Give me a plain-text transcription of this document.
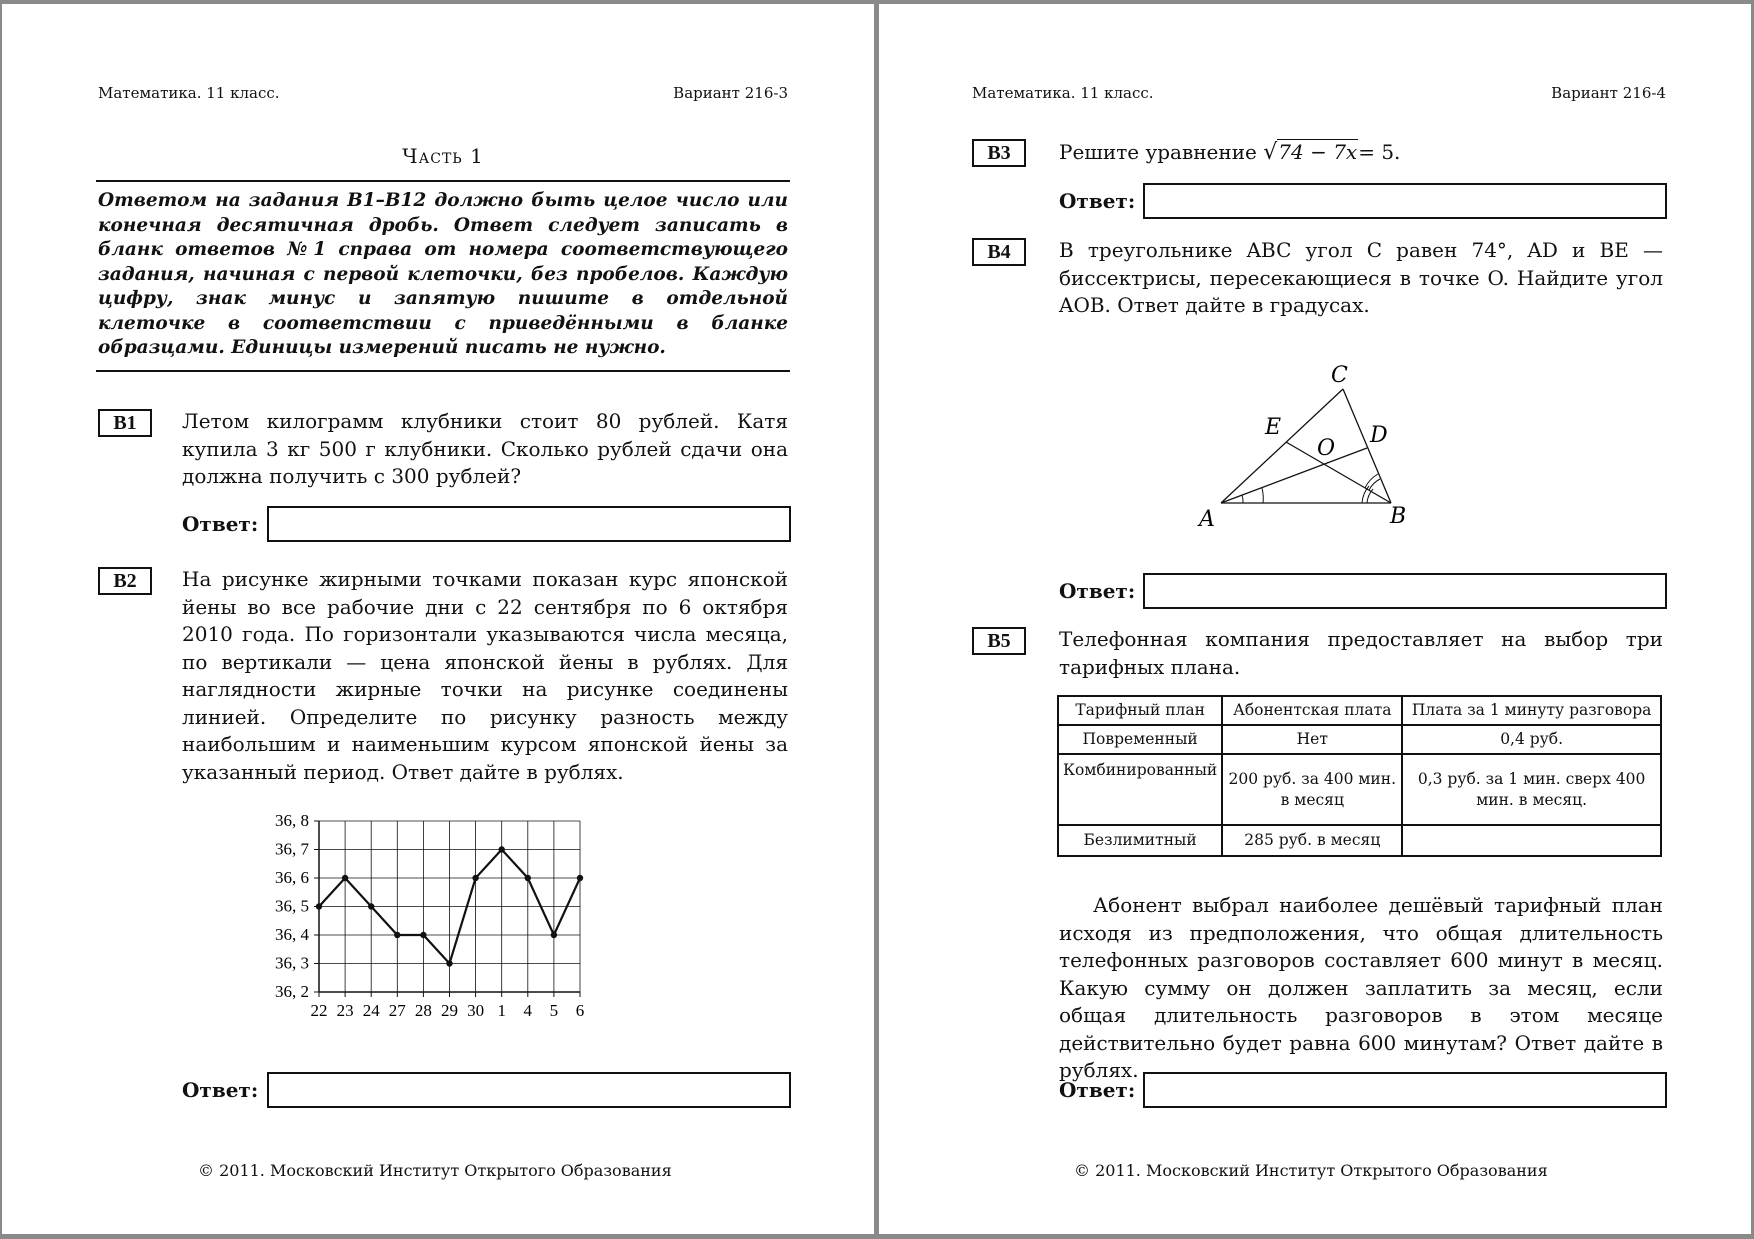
Математика. 11 класс.	Вариант 216-3
Часть 1
Ответом на задания B1–B12 должно быть целое число или конечная десятичная дробь. Ответ следует записать в бланк ответов №1 справа от номера соответствующего задания, начиная с первой клеточки, без пробелов. Каждую цифру, знак минус и запятую пишите в отдельной клеточке в соответствии с приведёнными в бланке образцами. Единицы измерений писать не нужно.
B1	Летом килограмм клубники стоит 80 рублей. Катя купила 3 кг 500 г клубники. Сколько рублей сдачи она должна получить с 300 рублей?
Ответ:
B2	На рисунке жирными точками показан курс японской йены во все рабочие дни с 22 сентября по 6 октября 2010 года. По горизонтали указываются числа месяца, по вертикали — цена японской йены в рублях. Для наглядности жирные точки на рисунке соединены линией. Определите по рисунку разность между наибольшим и наименьшим курсом японской йены за указанный период. Ответ дайте в рублях.
36, 8
36, 7
36, 6
36, 5
36, 4
36, 3
36, 2
22 23 24 27 28 29 30 1 4 5 6
Ответ:
© 2011. Московский Институт Открытого Образования
Математика. 11 класс.	Вариант 216-4
B3	Решите уравнение √74 − 7x= 5.
Ответ:
B4	В треугольнике ABC угол C равен 74°, AD и BE — биссектрисы, пересекающиеся в точке O. Найдите угол AOB. Ответ дайте в градусах.
A	B
C
D
E
O
Ответ:
B5	Телефонная компания предоставляет на выбор три тарифных плана.
Тарифный план	Абонентская плата	Плата за 1 минуту разговора
Повременный	Нет	0,4 руб.
Комбинированный	200 руб. за 400 мин. в месяц	0,3 руб. за 1 мин. сверх 400 мин. в месяц.
Безлимитный	285 руб. в месяц	
Абонент выбрал наиболее дешёвый тарифный план исходя из предположения, что общая длительность телефонных разговоров составляет 600 минут в месяц. Какую сумму он должен заплатить за месяц, если общая длительность разговоров в этом месяце действительно будет равна 600 минутам? Ответ дайте в рублях.
Ответ:
© 2011. Московский Институт Открытого Образования
